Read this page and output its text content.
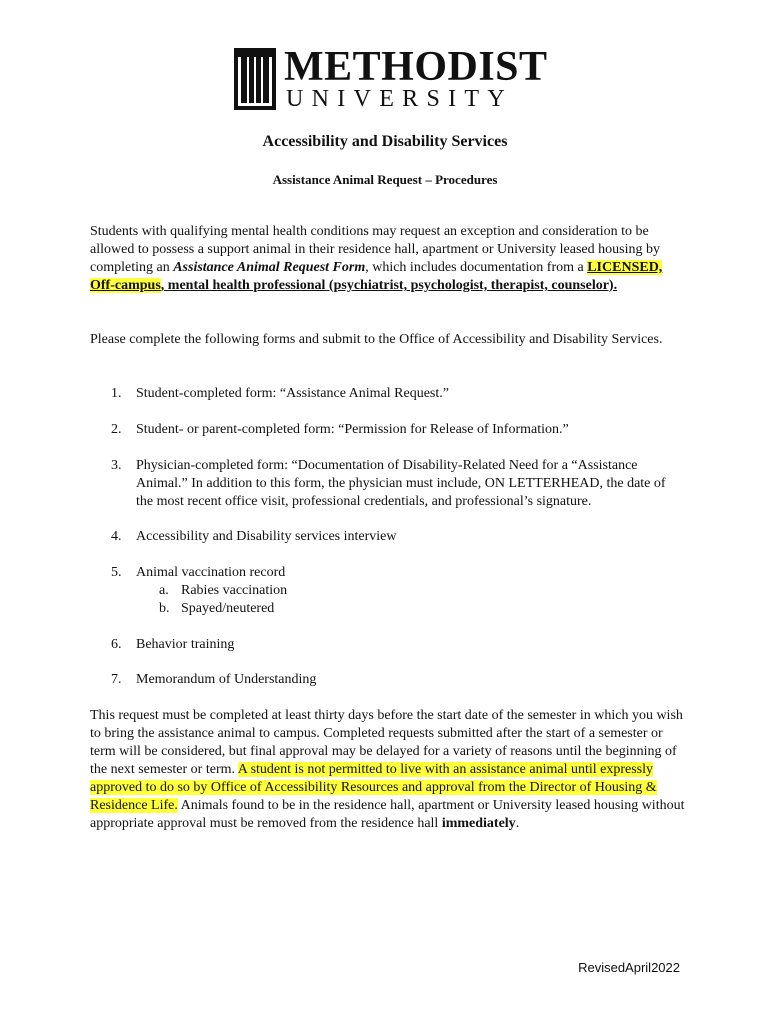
METHODIST
UNIVERSITY
Accessibility and Disability Services
Assistance Animal Request – Procedures
Students with qualifying mental health conditions may request an exception and consideration to be allowed to possess a support animal in their residence hall, apartment or University leased housing by completing an Assistance Animal Request Form, which includes documentation from a LICENSED, Off-campus, mental health professional (psychiatrist, psychologist, therapist, counselor).
Please complete the following forms and submit to the Office of Accessibility and Disability Services.
1.	Student-completed form: “Assistance Animal Request.”
2.	Student- or parent-completed form: “Permission for Release of Information.”
3.	Physician-completed form: “Documentation of Disability-Related Need for a “Assistance Animal.” In addition to this form, the physician must include, ON LETTERHEAD, the date of the most recent office visit, professional credentials, and professional’s signature.
4.	Accessibility and Disability services interview
5.	Animal vaccination record
a. Rabies vaccination
b. Spayed/neutered
6.	Behavior training
7.	Memorandum of Understanding
This request must be completed at least thirty days before the start date of the semester in which you wish to bring the assistance animal to campus. Completed requests submitted after the start of a semester or term will be considered, but final approval may be delayed for a variety of reasons until the beginning of the next semester or term. A student is not permitted to live with an assistance animal until expressly approved to do so by Office of Accessibility Resources and approval from the Director of Housing & Residence Life. Animals found to be in the residence hall, apartment or University leased housing without appropriate approval must be removed from the residence hall immediately.
RevisedApril2022
